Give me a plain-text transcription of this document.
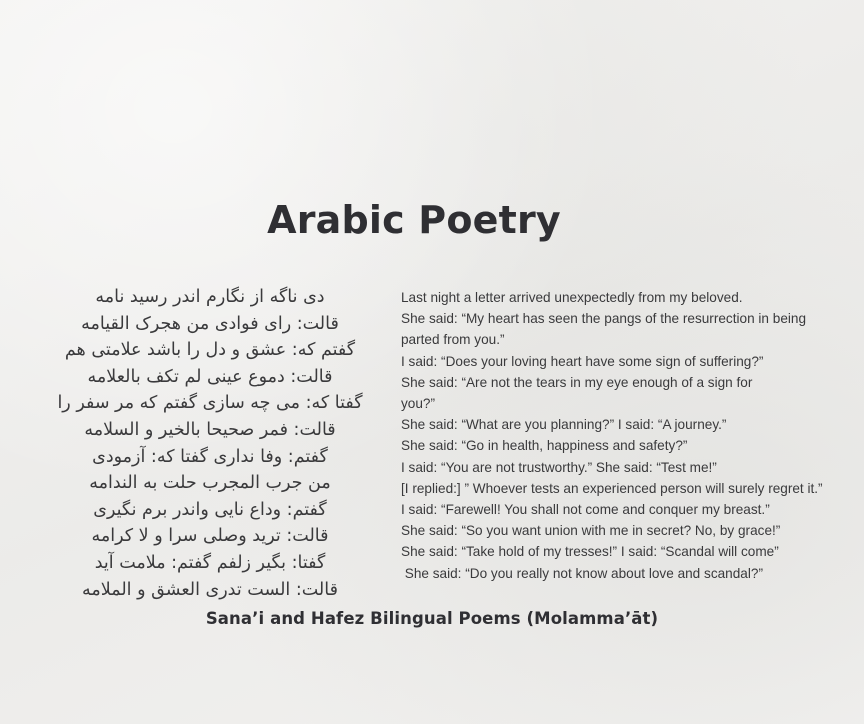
Arabic Poetry
دی ناگه از نگارم اندر رسید نامه
قالت: رای فوادی من هجرک القیامه
گفتم که: عشق و دل را باشد علامتی هم
قالت: دموع عینی لم تکف بالعلامه
گفتا که: می چه سازی گفتم که مر سفر را
قالت: فمر صحیحا بالخیر و السلامه
گفتم: وفا نداری گفتا که: آزمودی
من جرب المجرب حلت به الندامه
گفتم: وداع نایی واندر برم نگیری
قالت: ترید وصلی سرا و لا کرامه
گفتا: بگیر زلفم گفتم: ملامت آید
قالت: الست تدری العشق و الملامه
Last night a letter arrived unexpectedly from my beloved.
She said: “My heart has seen the pangs of the resurrection in being
parted from you.”
I said: “Does your loving heart have some sign of suffering?”
She said: “Are not the tears in my eye enough of a sign for
you?”
She said: “What are you planning?” I said: “A journey.”
She said: “Go in health, happiness and safety?”
I said: “You are not trustworthy.” She said: “Test me!”
[I replied:] ” Whoever tests an experienced person will surely regret it.”
I said: “Farewell! You shall not come and conquer my breast.”
She said: “So you want union with me in secret? No, by grace!”
She said: “Take hold of my tresses!” I said: “Scandal will come”
She said: “Do you really not know about love and scandal?”
Sana’i and Hafez Bilingual Poems (Molamma’āt)
